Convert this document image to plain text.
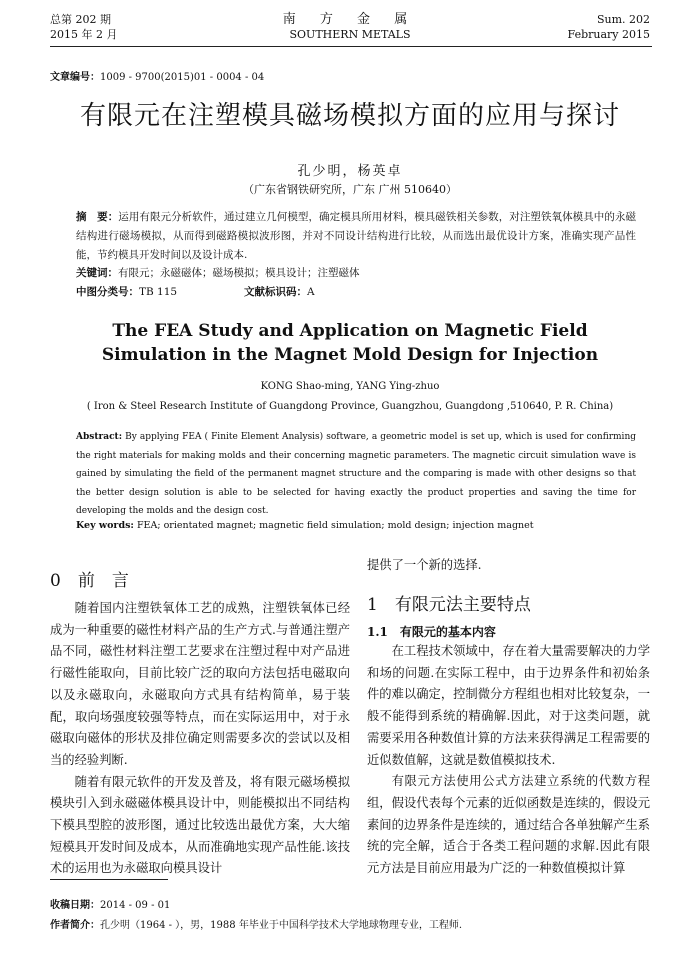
总第 202 期
2015 年 2 月
南 方 金 属
SOUTHERN METALS
Sum. 202
February 2015
文章编号：1009 - 9700(2015)01 - 0004 - 04
有限元在注塑模具磁场模拟方面的应用与探讨
孔少明，杨英卓
（广东省钢铁研究所，广东 广州 510640）
摘　要：运用有限元分析软件，通过建立几何模型，确定模具所用材料，模具磁铁相关参数，对注塑铁氧体模具中的永磁结构进行磁场模拟，从而得到磁路模拟波形图，并对不同设计结构进行比较，从而选出最优设计方案，准确实现产品性能，节约模具开发时间以及设计成本.
关键词：有限元；永磁磁体；磁场模拟；模具设计；注塑磁体
中图分类号：TB 115	文献标识码：A
The FEA Study and Application on Magnetic Field Simulation in the Magnet Mold Design for Injection
KONG Shao-ming, YANG Ying-zhuo
( Iron & Steel Research Institute of Guangdong Province, Guangzhou, Guangdong ,510640, P. R. China)
Abstract: By applying FEA ( Finite Element Analysis) software, a geometric model is set up, which is used for confirming the right materials for making molds and their concerning magnetic parameters. The magnetic circuit simulation wave is gained by simulating the field of the permanent magnet structure and the comparing is made with other designs so that the better design solution is able to be selected for having exactly the product properties and saving the time for developing the molds and the design cost.
Key words: FEA; orientated magnet; magnetic field simulation; mold design; injection magnet
0　前　言

随着国内注塑铁氧体工艺的成熟，注塑铁氧体已经成为一种重要的磁性材料产品的生产方式.与普通注塑产品不同，磁性材料注塑工艺要求在注塑过程中对产品进行磁性能取向，目前比较广泛的取向方法包括电磁取向以及永磁取向，永磁取向方式具有结构简单，易于装配，取向场强度较强等特点，而在实际运用中，对于永磁取向磁体的形状及排位确定则需要多次的尝试以及相当的经验判断.

随着有限元软件的开发及普及，将有限元磁场模拟模块引入到永磁磁体模具设计中，则能模拟出不同结构下模具型腔的波形图，通过比较选出最优方案，大大缩短模具开发时间及成本，从而准确地实现产品性能.该技术的运用也为永磁取向模具设计

提供了一个新的选择.
1　有限元法主要特点
1.1　有限元的基本内容

在工程技术领域中，存在着大量需要解决的力学和场的问题.在实际工程中，由于边界条件和初始条件的难以确定，控制微分方程组也相对比较复杂，一般不能得到系统的精确解.因此，对于这类问题，就需要采用各种数值计算的方法来获得满足工程需要的近似数值解，这就是数值模拟技术.

有限元方法使用公式方法建立系统的代数方程组，假设代表每个元素的近似函数是连续的，假设元素间的边界条件是连续的，通过结合各单独解产生系统的完全解，适合于各类工程问题的求解.因此有限元方法是目前应用最为广泛的一种数值模拟计算

收稿日期：2014 - 09 - 01
作者简介：孔少明（1964 - ），男，1988 年毕业于中国科学技术大学地球物理专业，工程师.
